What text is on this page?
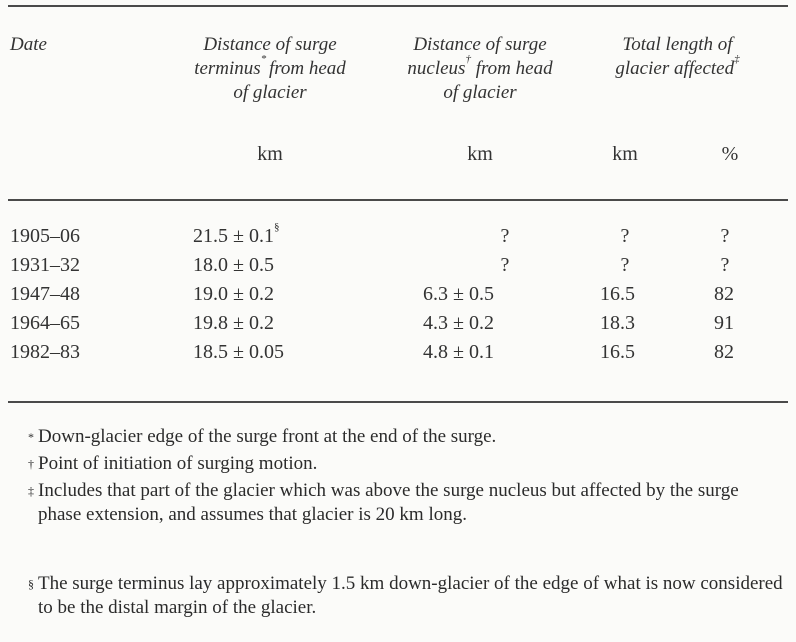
Date	Distance of surge
terminus* from head
of glacier
Distance of surge
nucleus† from head
of glacier
Total length of
glacier affected‡
km	km	km	%
1905–06	21.5 ± 0.1§	?	?	?
1931–32	18.0 ± 0.5	?	?	?
1947–48	19.0 ± 0.2	6.3 ± 0.5	16.5	82
1964–65	19.8 ± 0.2	4.3 ± 0.2	18.3	91
1982–83	18.5 ± 0.05	4.8 ± 0.1	16.5	82
* Down-glacier edge of the surge front at the end of the surge.
† Point of initiation of surging motion.
‡ Includes that part of the glacier which was above the surge nucleus but affected by the surge phase extension, and assumes that glacier is 20 km long.
§ The surge terminus lay approximately 1.5 km down-glacier of the edge of what is now considered to be the distal margin of the glacier.
